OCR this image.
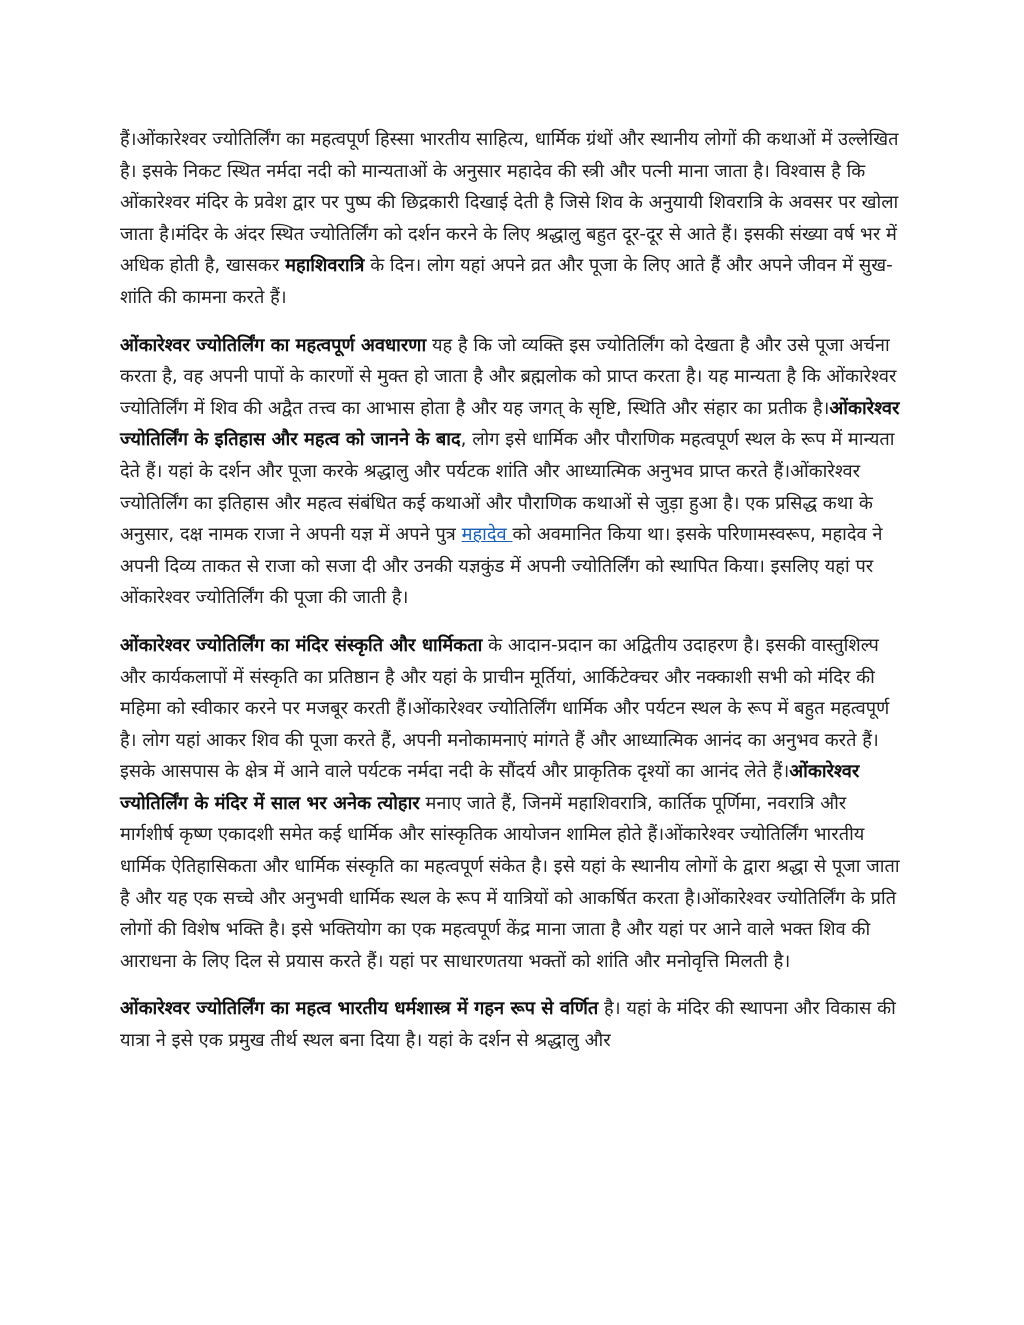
हैं।ओंकारेश्वर ज्योतिर्लिंग का महत्वपूर्ण हिस्सा भारतीय साहित्य, धार्मिक ग्रंथों और स्थानीय लोगों की कथाओं में उल्लेखित है। इसके निकट स्थित नर्मदा नदी को मान्यताओं के अनुसार महादेव की स्त्री और पत्नी माना जाता है। विश्वास है कि ओंकारेश्वर मंदिर के प्रवेश द्वार पर पुष्प की छिद्रकारी दिखाई देती है जिसे शिव के अनुयायी शिवरात्रि के अवसर पर खोला जाता है।मंदिर के अंदर स्थित ज्योतिर्लिंग को दर्शन करने के लिए श्रद्धालु बहुत दूर-दूर से आते हैं। इसकी संख्या वर्ष भर में अधिक होती है, खासकर महाशिवरात्रि के दिन। लोग यहां अपने व्रत और पूजा के लिए आते हैं और अपने जीवन में सुख-शांति की कामना करते हैं।

ओंकारेश्वर ज्योतिर्लिंग का महत्वपूर्ण अवधारणा यह है कि जो व्यक्ति इस ज्योतिर्लिंग को देखता है और उसे पूजा अर्चना करता है, वह अपनी पापों के कारणों से मुक्त हो जाता है और ब्रह्मलोक को प्राप्त करता है। यह मान्यता है कि ओंकारेश्वर ज्योतिर्लिंग में शिव की अद्वैत तत्त्व का आभास होता है और यह जगत् के सृष्टि, स्थिति और संहार का प्रतीक है।ओंकारेश्वर ज्योतिर्लिंग के इतिहास और महत्व को जानने के बाद, लोग इसे धार्मिक और पौराणिक महत्वपूर्ण स्थल के रूप में मान्यता देते हैं। यहां के दर्शन और पूजा करके श्रद्धालु और पर्यटक शांति और आध्यात्मिक अनुभव प्राप्त करते हैं।ओंकारेश्वर ज्योतिर्लिंग का इतिहास और महत्व संबंधित कई कथाओं और पौराणिक कथाओं से जुड़ा हुआ है। एक प्रसिद्ध कथा के अनुसार, दक्ष नामक राजा ने अपनी यज्ञ में अपने पुत्र महादेव को अवमानित किया था। इसके परिणामस्वरूप, महादेव ने अपनी दिव्य ताकत से राजा को सजा दी और उनकी यज्ञकुंड में अपनी ज्योतिर्लिंग को स्थापित किया। इसलिए यहां पर ओंकारेश्वर ज्योतिर्लिंग की पूजा की जाती है।

ओंकारेश्वर ज्योतिर्लिंग का मंदिर संस्कृति और धार्मिकता के आदान-प्रदान का अद्वितीय उदाहरण है। इसकी वास्तुशिल्प और कार्यकलापों में संस्कृति का प्रतिष्ठान है और यहां के प्राचीन मूर्तियां, आर्किटेक्चर और नक्काशी सभी को मंदिर की महिमा को स्वीकार करने पर मजबूर करती हैं।ओंकारेश्वर ज्योतिर्लिंग धार्मिक और पर्यटन स्थल के रूप में बहुत महत्वपूर्ण है। लोग यहां आकर शिव की पूजा करते हैं, अपनी मनोकामनाएं मांगते हैं और आध्यात्मिक आनंद का अनुभव करते हैं। इसके आसपास के क्षेत्र में आने वाले पर्यटक नर्मदा नदी के सौंदर्य और प्राकृतिक दृश्यों का आनंद लेते हैं।ओंकारेश्वर ज्योतिर्लिंग के मंदिर में साल भर अनेक त्योहार मनाए जाते हैं, जिनमें महाशिवरात्रि, कार्तिक पूर्णिमा, नवरात्रि और मार्गशीर्ष कृष्ण एकादशी समेत कई धार्मिक और सांस्कृतिक आयोजन शामिल होते हैं।ओंकारेश्वर ज्योतिर्लिंग भारतीय धार्मिक ऐतिहासिकता और धार्मिक संस्कृति का महत्वपूर्ण संकेत है। इसे यहां के स्थानीय लोगों के द्वारा श्रद्धा से पूजा जाता है और यह एक सच्चे और अनुभवी धार्मिक स्थल के रूप में यात्रियों को आकर्षित करता है।ओंकारेश्वर ज्योतिर्लिंग के प्रति लोगों की विशेष भक्ति है। इसे भक्तियोग का एक महत्वपूर्ण केंद्र माना जाता है और यहां पर आने वाले भक्त शिव की आराधना के लिए दिल से प्रयास करते हैं। यहां पर साधारणतया भक्तों को शांति और मनोवृत्ति मिलती है।

ओंकारेश्वर ज्योतिर्लिंग का महत्व भारतीय धर्मशास्त्र में गहन रूप से वर्णित है। यहां के मंदिर की स्थापना और विकास की यात्रा ने इसे एक प्रमुख तीर्थ स्थल बना दिया है। यहां के दर्शन से श्रद्धालु और
